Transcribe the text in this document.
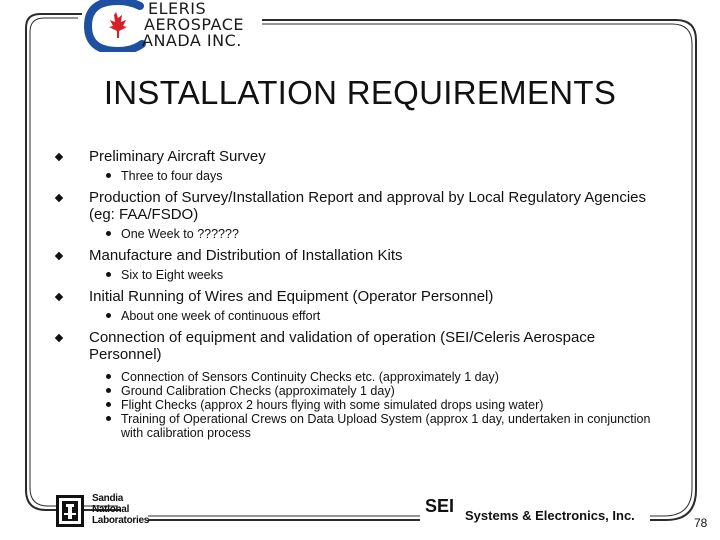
ELERIS
AEROSPACE
ANADA INC.
INSTALLATION REQUIREMENTS
Preliminary Aircraft Survey
Three to four days
Production of Survey/Installation Report and approval by Local Regulatory Agencies (eg: FAA/FSDO)
One Week to ??????
Manufacture and Distribution of Installation Kits
Six to Eight weeks
Initial Running of Wires and Equipment (Operator Personnel)
About one week of continuous effort
Connection of equipment and validation of operation (SEI/Celeris Aerospace Personnel)
Connection of Sensors Continuity Checks etc. (approximately 1 day)
Ground Calibration Checks (approximately 1 day)
Flight Checks (approx 2 hours flying with some simulated drops using water)
Training of Operational Crews on Data Upload System (approx 1 day, undertaken in conjunction with calibration process
Sandia
National
Laboratories
SEI Systems & Electronics, Inc.	78
